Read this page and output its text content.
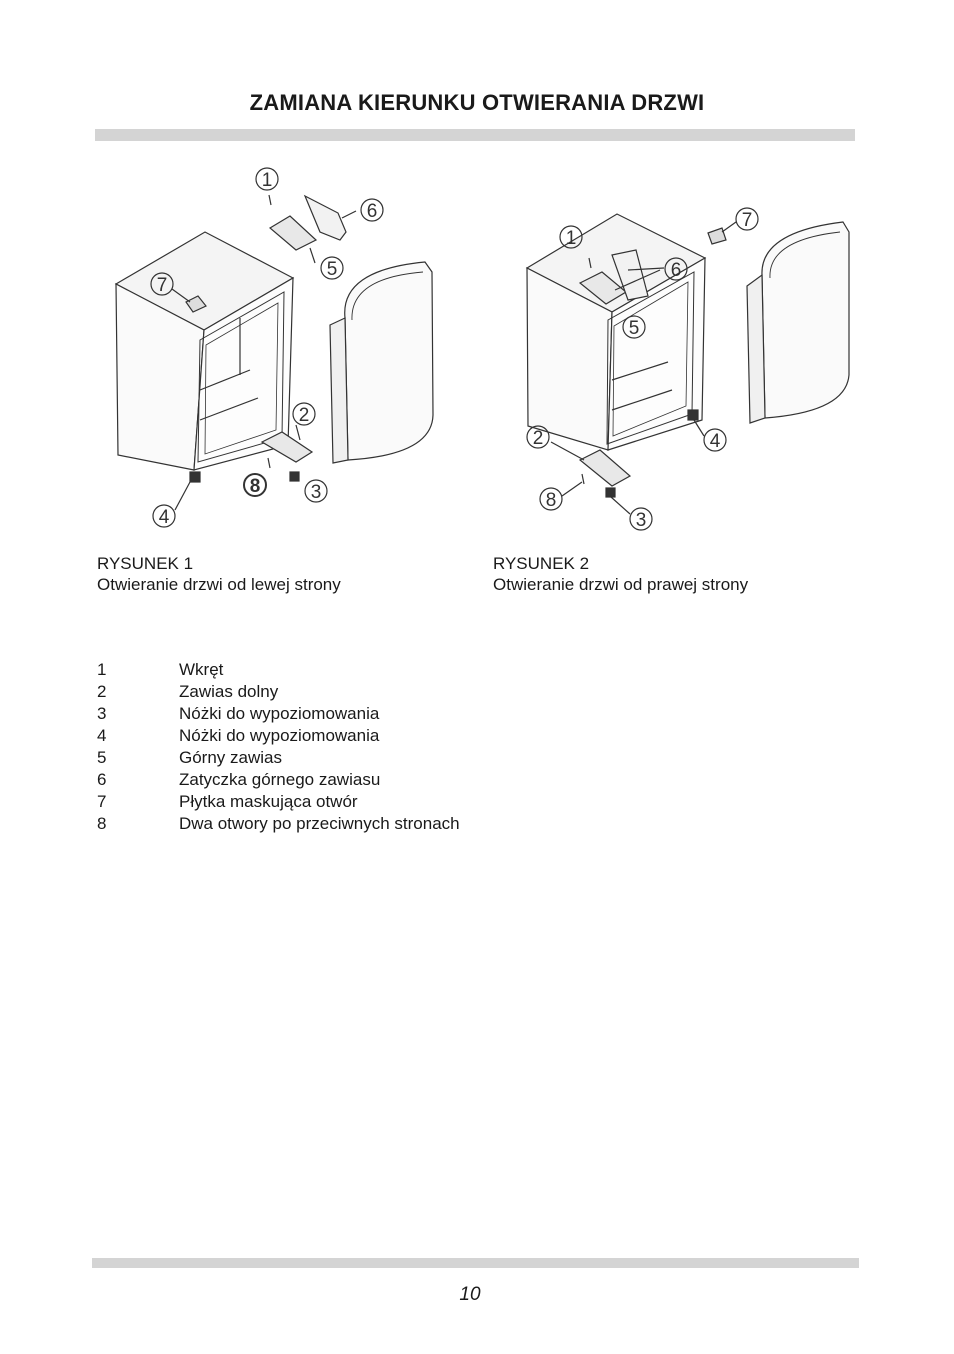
ZAMIANA KIERUNKU OTWIERANIA DRZWI
1
6
5
7
2
8	3
4
1
7
6
5
2	4
8
3
RYSUNEK 1
Otwieranie drzwi od lewej strony
RYSUNEK 2
Otwieranie drzwi od prawej strony
1	Wkręt
2	Zawias dolny
3	Nóżki do wypoziomowania
4	Nóżki do wypoziomowania
5	Górny zawias
6	Zatyczka górnego zawiasu
7	Płytka maskująca otwór
8	Dwa otwory po przeciwnych stronach
10
